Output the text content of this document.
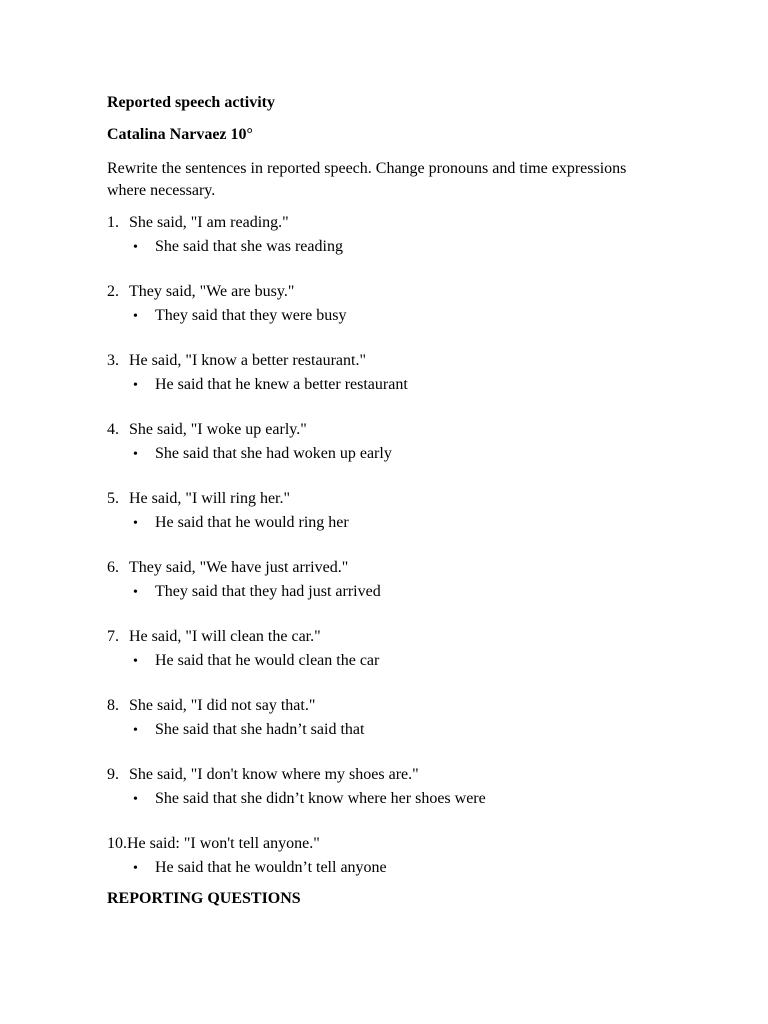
Reported speech activity
Catalina Narvaez 10°
Rewrite the sentences in reported speech. Change pronouns and time expressions where necessary.
1. She said, "I am reading."
• She said that she was reading
2. They said, "We are busy."
• They said that they were busy
3. He said, "I know a better restaurant."
• He said that he knew a better restaurant
4. She said, "I woke up early."
• She said that she had woken up early
5. He said, "I will ring her."
• He said that he would ring her
6. They said, "We have just arrived."
• They said that they had just arrived
7. He said, "I will clean the car."
• He said that he would clean the car
8. She said, "I did not say that."
• She said that she hadn’t said that
9. She said, "I don't know where my shoes are."
• She said that she didn’t know where her shoes were
10.He said: "I won't tell anyone."
• He said that he wouldn’t tell anyone
REPORTING QUESTIONS
